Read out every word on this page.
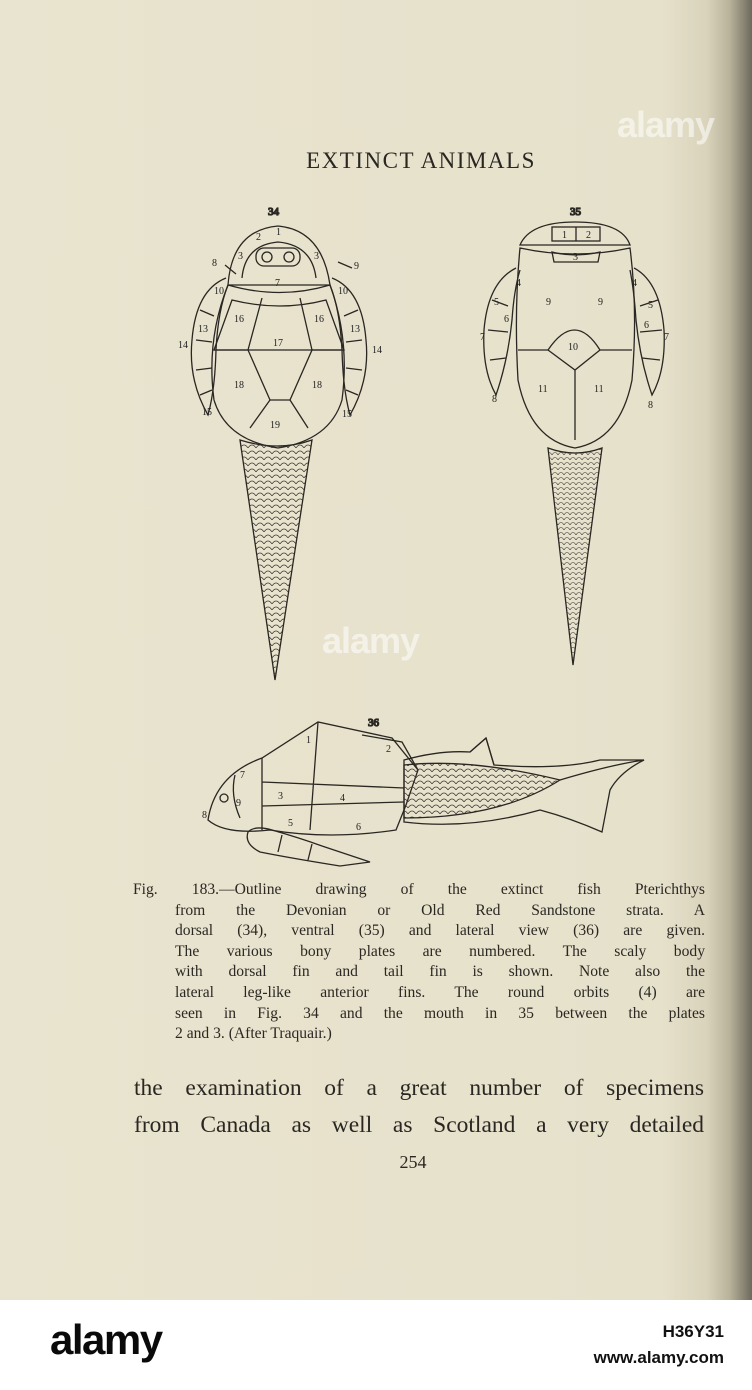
EXTINCT ANIMALS
alamy
34
1
2
3	3
7
8	9
10	10
16	16
17
18	18
19
14	14
15	15
13	13
35
1 2
3
4	4
5	5
6
6
9	9
10
11	11
7	7
8
8
36
1
2
3	4
5	6
7
8
9
alamy
Fig. 183.—Outline drawing of the extinct fish Pterichthys
from the Devonian or Old Red Sandstone strata. A
dorsal (34), ventral (35) and lateral view (36) are given.
The various bony plates are numbered. The scaly body
with dorsal fin and tail fin is shown. Note also the
lateral leg-like anterior fins. The round orbits (4) are
seen in Fig. 34 and the mouth in 35 between the plates
2 and 3. (After Traquair.)
the examination of a great number of specimens
from Canada as well as Scotland a very detailed
254
alamy	H36Y31
www.alamy.com
